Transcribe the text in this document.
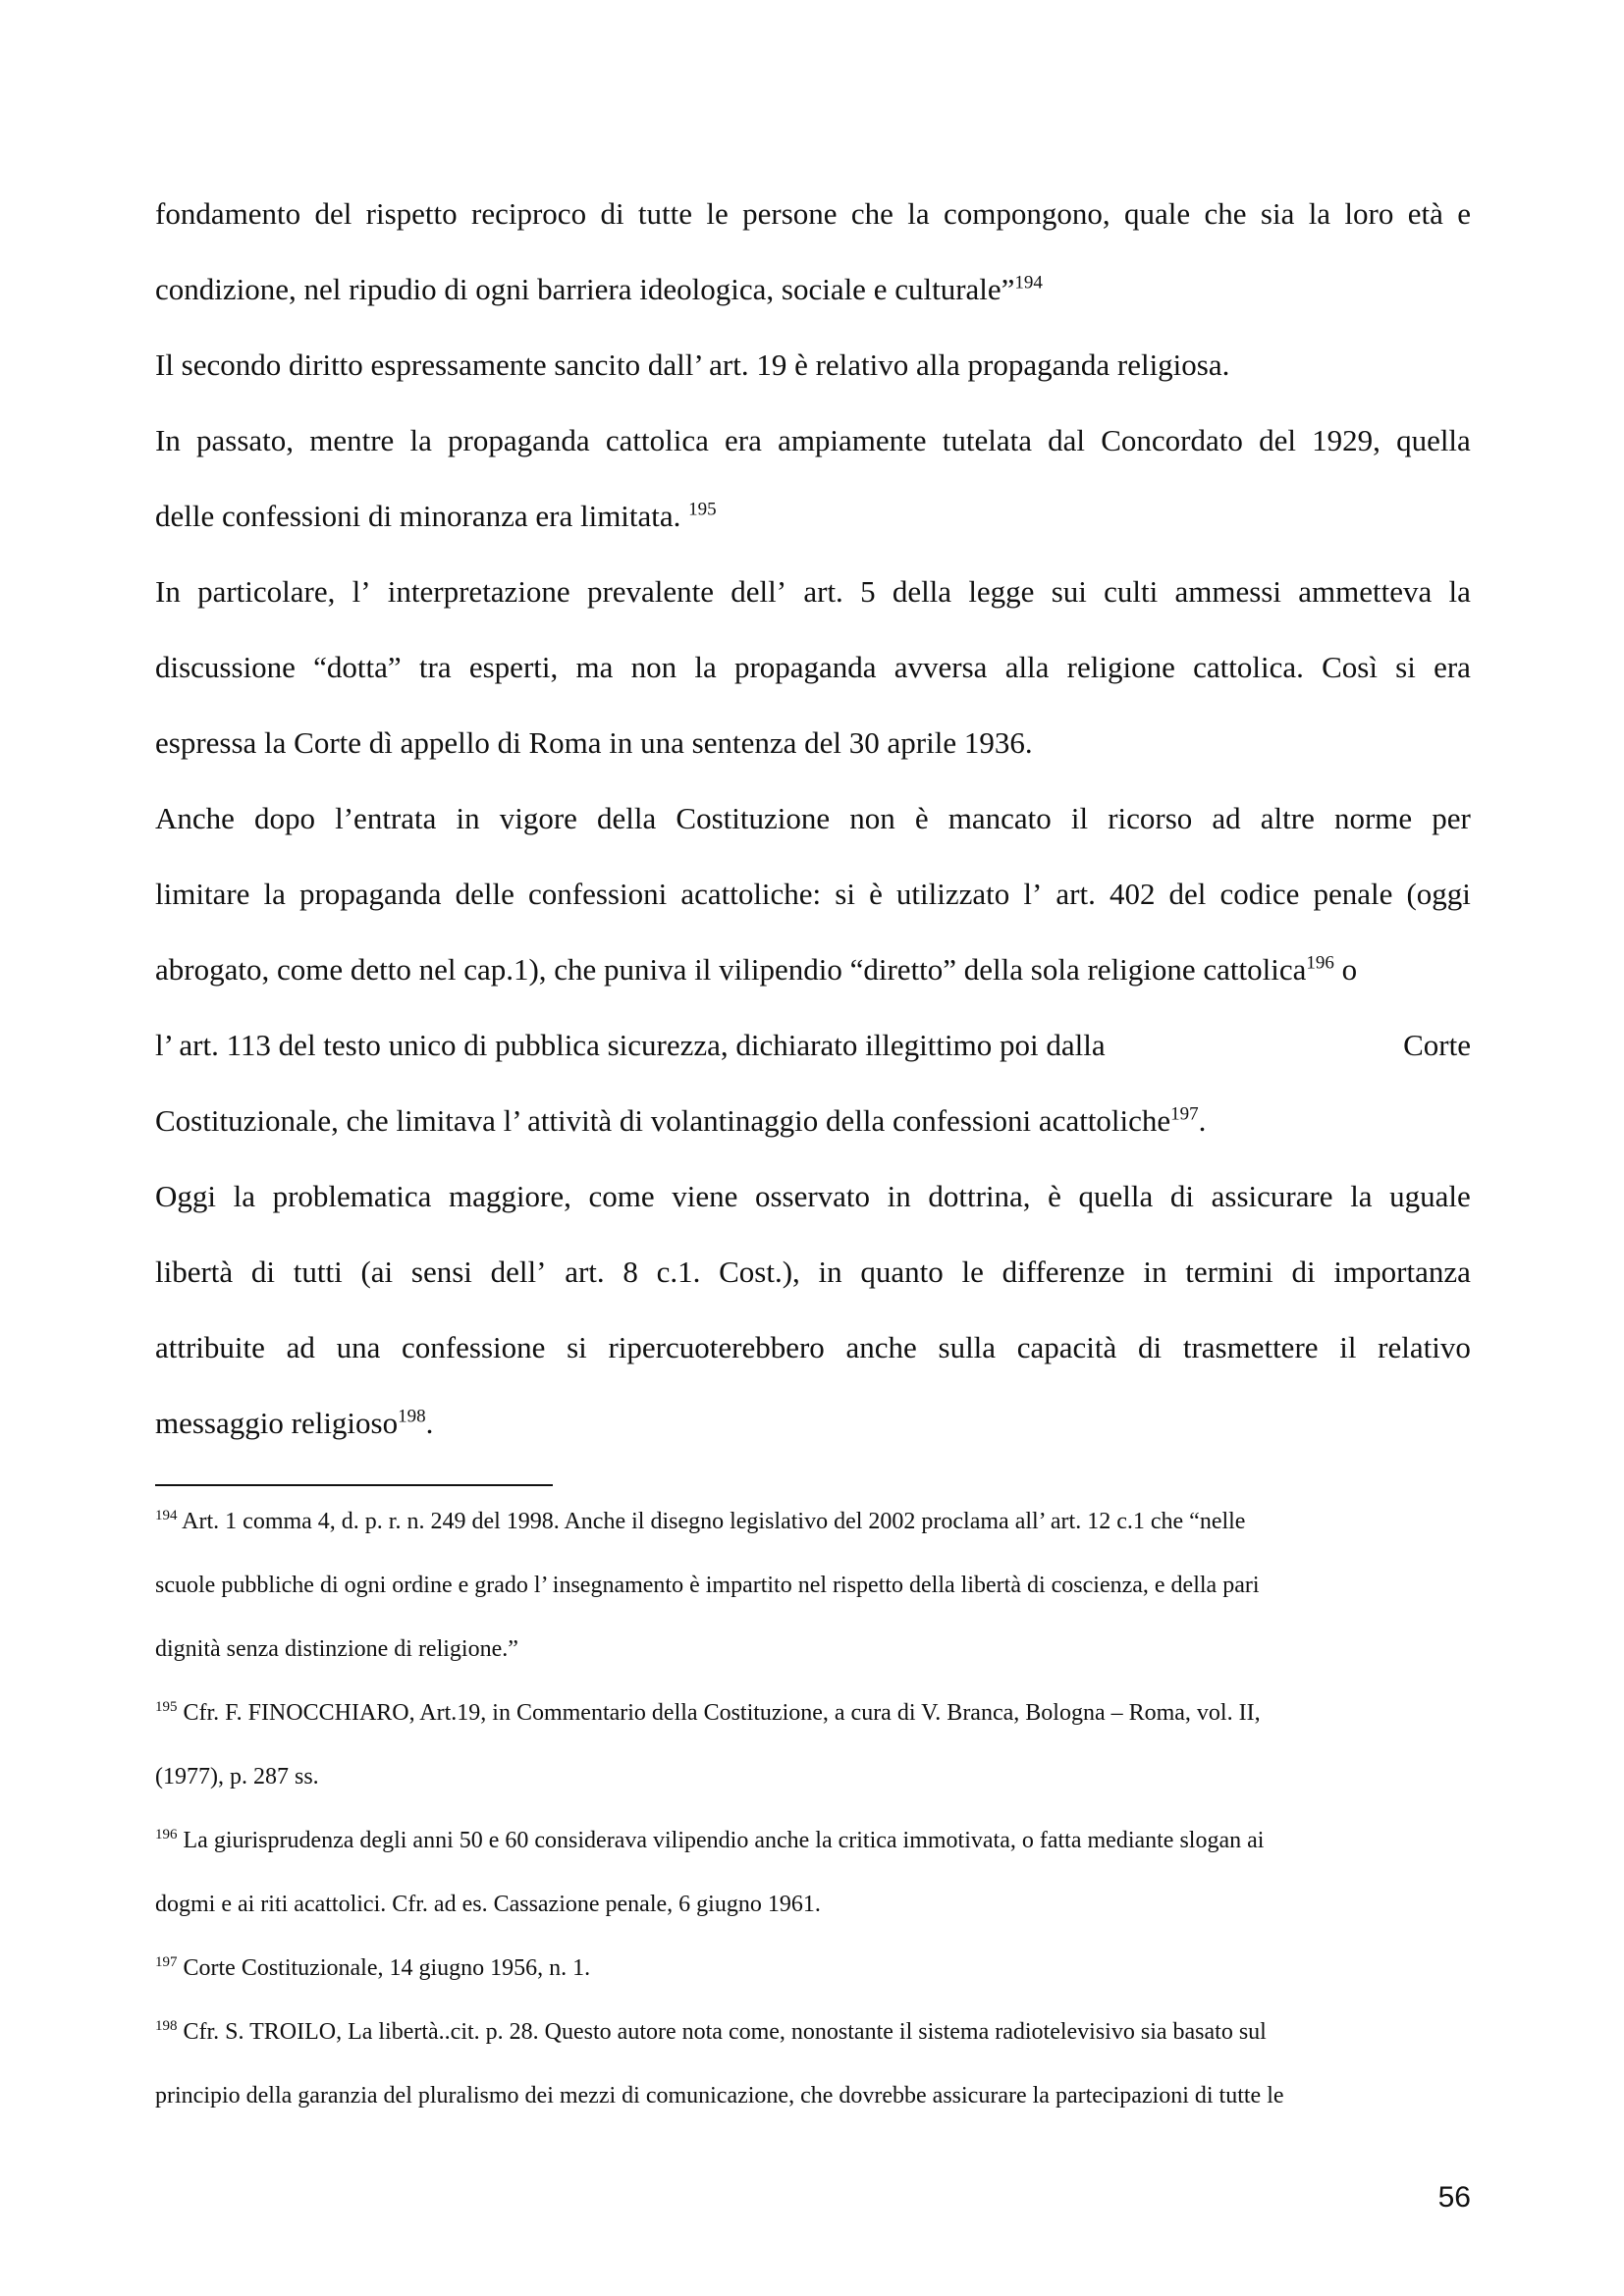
fondamento del rispetto reciproco di tutte le persone che la compongono, quale che sia la loro età e
condizione, nel ripudio di ogni barriera ideologica, sociale e culturale”$^{194}$
Il secondo diritto espressamente sancito dall’ art. 19 è relativo alla propaganda religiosa.
In passato, mentre la propaganda cattolica era ampiamente tutelata dal Concordato del 1929, quella
delle confessioni di minoranza era limitata. $^{195}$
In particolare, l’ interpretazione prevalente dell’ art. 5 della legge sui culti ammessi ammetteva la
discussione “dotta” tra esperti, ma non la propaganda avversa alla religione cattolica. Così si era
espressa la Corte dì appello di Roma in una sentenza del 30 aprile 1936.
Anche dopo l’entrata in vigore della Costituzione non è mancato il ricorso ad altre norme per
limitare la propaganda delle confessioni acattoliche: si è utilizzato l’ art. 402 del codice penale (oggi
abrogato, come detto nel cap.1), che puniva il vilipendio “diretto” della sola religione cattolica$^{196}$ o
l’ art. 113 del testo unico di pubblica sicurezza, dichiarato illegittimo poi dalla	Corte
Costituzionale, che limitava l’ attività di volantinaggio della confessioni acattoliche$^{197}$.
Oggi la problematica maggiore, come viene osservato in dottrina, è quella di assicurare la uguale
libertà di tutti (ai sensi dell’ art. 8 c.1. Cost.), in quanto le differenze in termini di importanza
attribuite ad una confessione si ripercuoterebbero anche sulla capacità di trasmettere il relativo
messaggio religioso$^{198}$.
$^{194}$ Art. 1 comma 4, d. p. r. n. 249 del 1998. Anche il disegno legislativo del 2002 proclama all’ art. 12 c.1 che “nelle
scuole pubbliche di ogni ordine e grado l’ insegnamento è impartito nel rispetto della libertà di coscienza, e della pari
dignità senza distinzione di religione.”
$^{195}$ Cfr. F. FINOCCHIARO, Art.19, in Commentario della Costituzione, a cura di V. Branca, Bologna – Roma, vol. II,
(1977), p. 287 ss.
$^{196}$ La giurisprudenza degli anni 50 e 60 considerava vilipendio anche la critica immotivata, o fatta mediante slogan ai
dogmi e ai riti acattolici. Cfr. ad es. Cassazione penale, 6 giugno 1961.
$^{197}$ Corte Costituzionale, 14 giugno 1956, n. 1.
$^{198}$ Cfr. S. TROILO, La libertà..cit. p. 28. Questo autore nota come, nonostante il sistema radiotelevisivo sia basato sul
principio della garanzia del pluralismo dei mezzi di comunicazione, che dovrebbe assicurare la partecipazioni di tutte le
56
